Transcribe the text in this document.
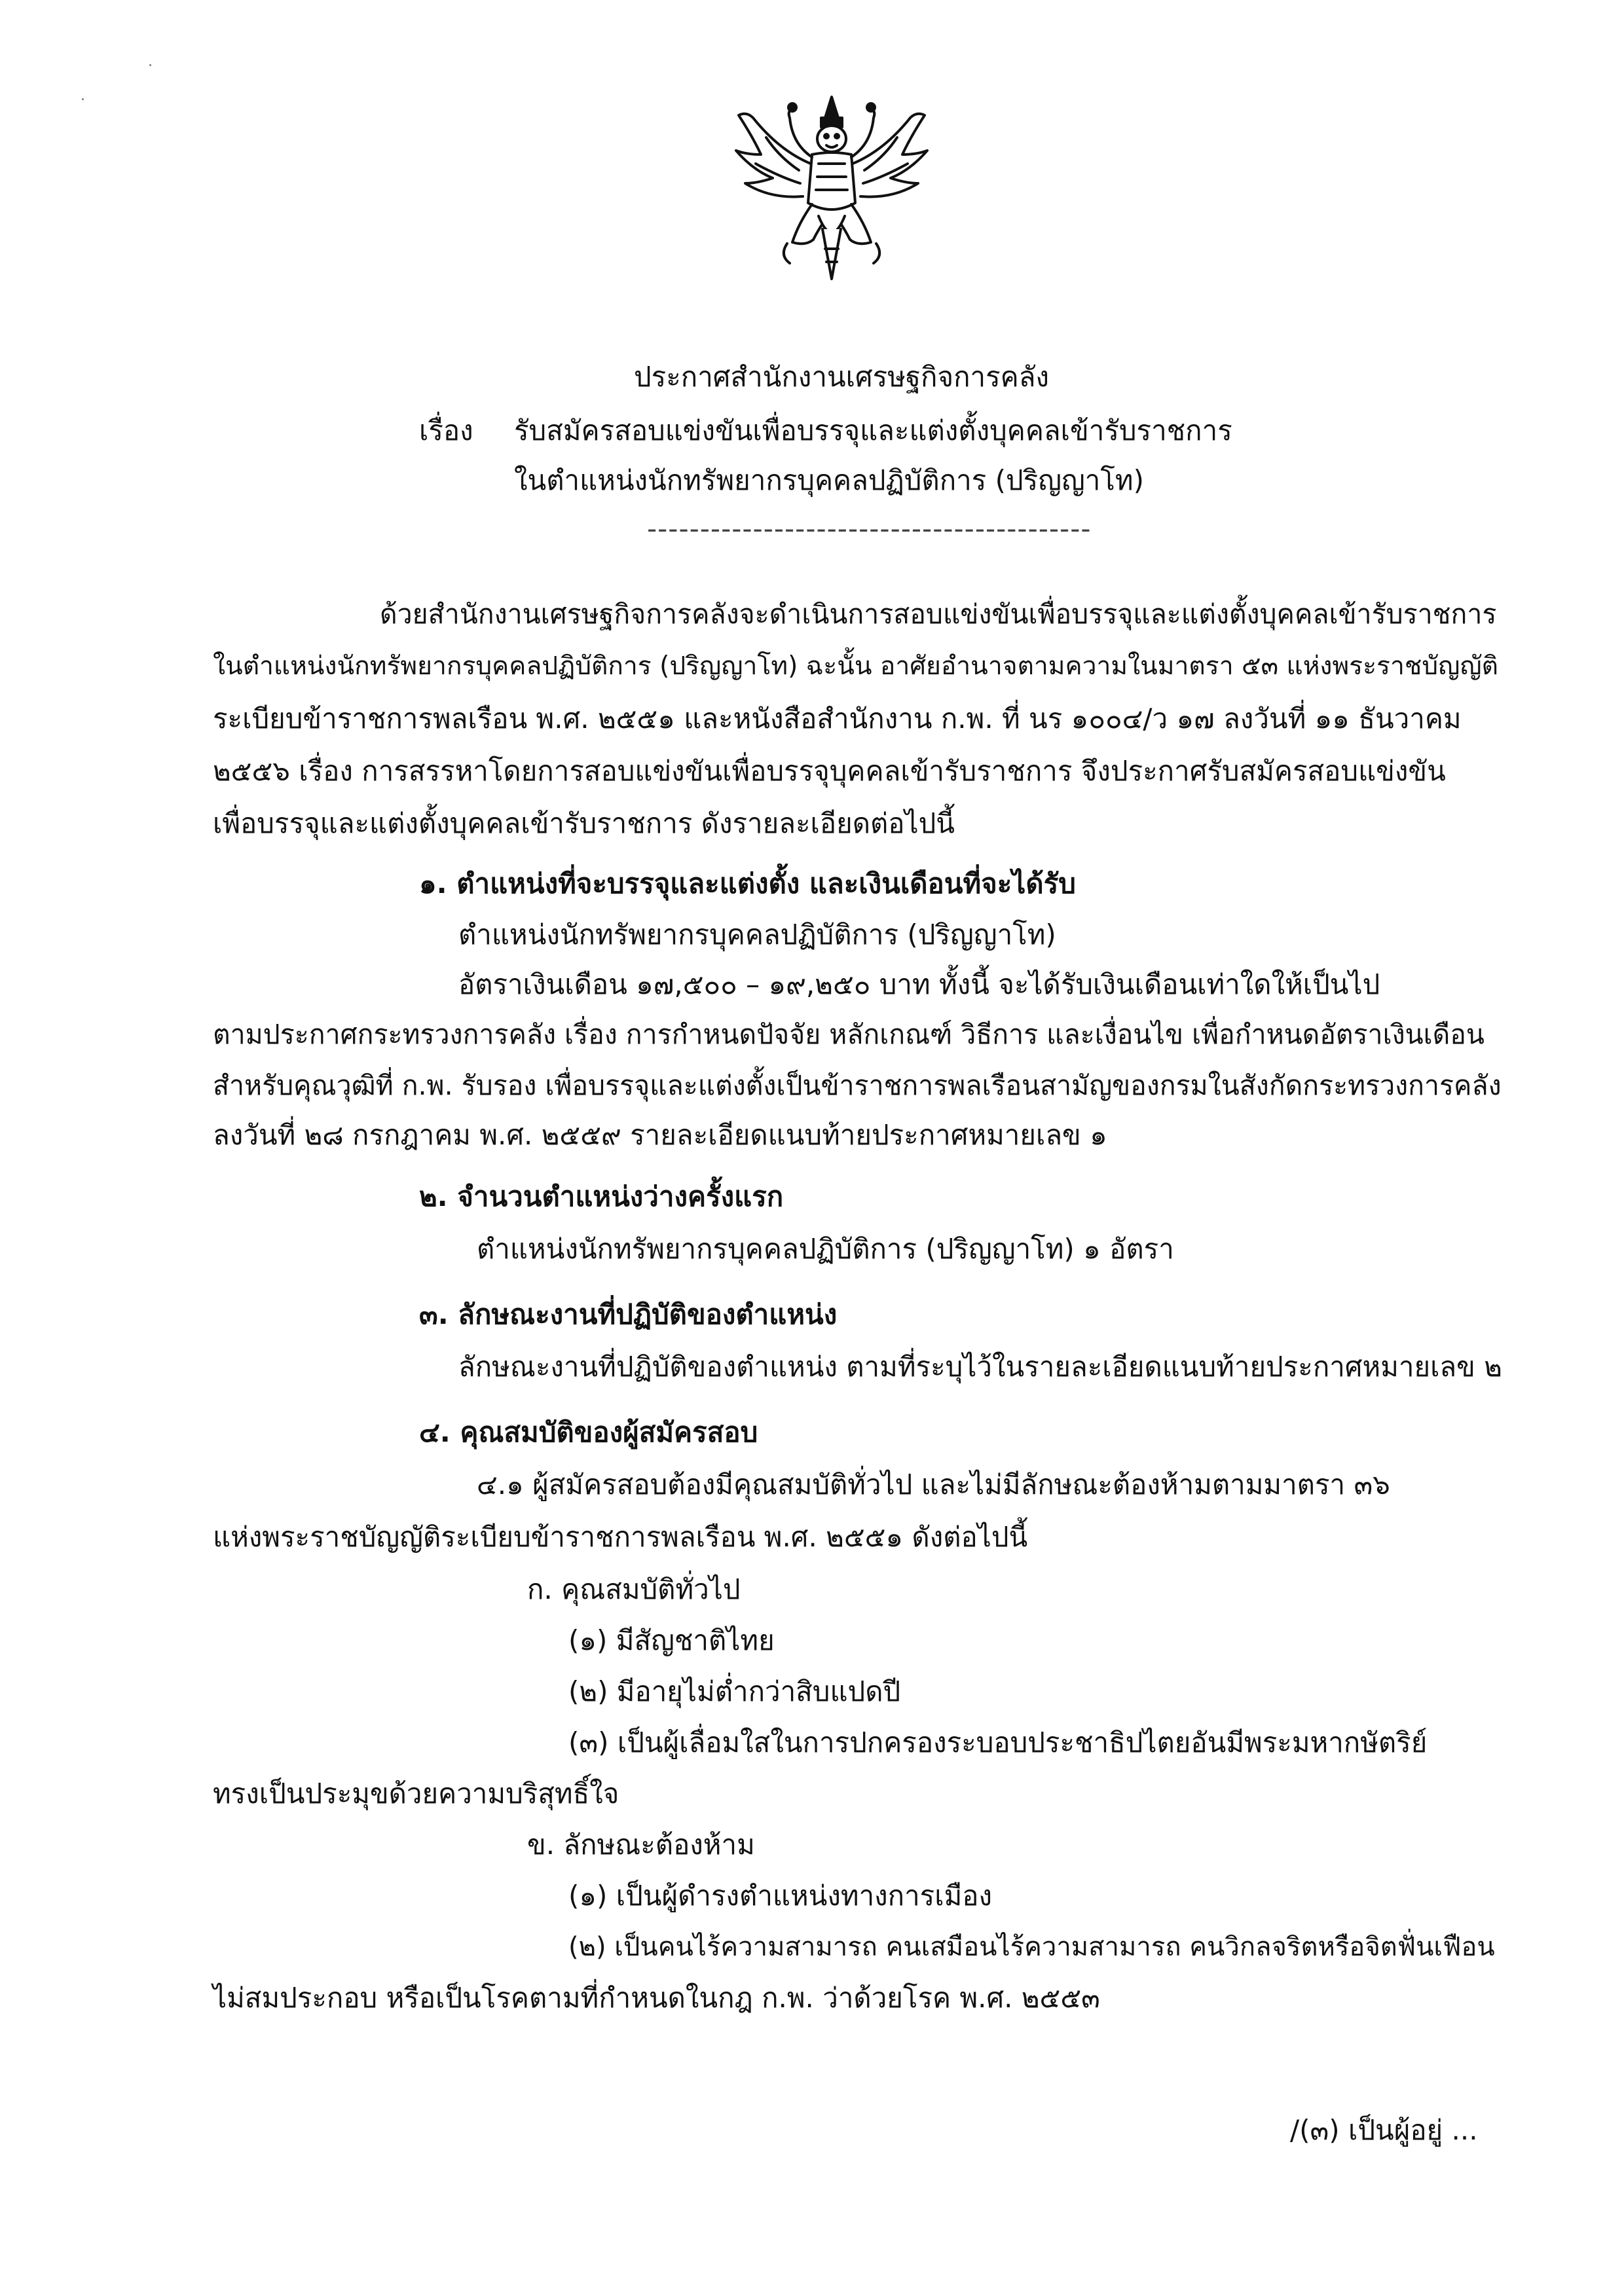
ประกาศสำนักงานเศรษฐกิจการคลัง
เรื่อง รับสมัครสอบแข่งขันเพื่อบรรจุและแต่งตั้งบุคคลเข้ารับราชการ
ในตำแหน่งนักทรัพยากรบุคคลปฏิบัติการ (ปริญญาโท)
------------------------------------------
ด้วยสำนักงานเศรษฐกิจการคลังจะดำเนินการสอบแข่งขันเพื่อบรรจุและแต่งตั้งบุคคลเข้ารับราชการ
ในตำแหน่งนักทรัพยากรบุคคลปฏิบัติการ (ปริญญาโท) ฉะนั้น อาศัยอำนาจตามความในมาตรา ๕๓ แห่งพระราชบัญญัติ
ระเบียบข้าราชการพลเรือน พ.ศ. ๒๕๕๑ และหนังสือสำนักงาน ก.พ. ที่ นร ๑๐๐๔/ว ๑๗ ลงวันที่ ๑๑ ธันวาคม
๒๕๕๖ เรื่อง การสรรหาโดยการสอบแข่งขันเพื่อบรรจุบุคคลเข้ารับราชการ จึงประกาศรับสมัครสอบแข่งขัน
เพื่อบรรจุและแต่งตั้งบุคคลเข้ารับราชการ ดังรายละเอียดต่อไปนี้
๑. ตำแหน่งที่จะบรรจุและแต่งตั้ง และเงินเดือนที่จะได้รับ
ตำแหน่งนักทรัพยากรบุคคลปฏิบัติการ (ปริญญาโท)
อัตราเงินเดือน ๑๗,๕๐๐ – ๑๙,๒๕๐ บาท ทั้งนี้ จะได้รับเงินเดือนเท่าใดให้เป็นไป
ตามประกาศกระทรวงการคลัง เรื่อง การกำหนดปัจจัย หลักเกณฑ์ วิธีการ และเงื่อนไข เพื่อกำหนดอัตราเงินเดือน
สำหรับคุณวุฒิที่ ก.พ. รับรอง เพื่อบรรจุและแต่งตั้งเป็นข้าราชการพลเรือนสามัญของกรมในสังกัดกระทรวงการคลัง
ลงวันที่ ๒๘ กรกฎาคม พ.ศ. ๒๕๕๙ รายละเอียดแนบท้ายประกาศหมายเลข ๑
๒. จำนวนตำแหน่งว่างครั้งแรก
ตำแหน่งนักทรัพยากรบุคคลปฏิบัติการ (ปริญญาโท) ๑ อัตรา
๓. ลักษณะงานที่ปฏิบัติของตำแหน่ง
ลักษณะงานที่ปฏิบัติของตำแหน่ง ตามที่ระบุไว้ในรายละเอียดแนบท้ายประกาศหมายเลข ๒
๔. คุณสมบัติของผู้สมัครสอบ
๔.๑ ผู้สมัครสอบต้องมีคุณสมบัติทั่วไป และไม่มีลักษณะต้องห้ามตามมาตรา ๓๖
แห่งพระราชบัญญัติระเบียบข้าราชการพลเรือน พ.ศ. ๒๕๕๑ ดังต่อไปนี้
ก. คุณสมบัติทั่วไป
(๑) มีสัญชาติไทย
(๒) มีอายุไม่ต่ำกว่าสิบแปดปี
(๓) เป็นผู้เลื่อมใสในการปกครองระบอบประชาธิปไตยอันมีพระมหากษัตริย์
ทรงเป็นประมุขด้วยความบริสุทธิ์ใจ
ข. ลักษณะต้องห้าม
(๑) เป็นผู้ดำรงตำแหน่งทางการเมือง
(๒) เป็นคนไร้ความสามารถ คนเสมือนไร้ความสามารถ คนวิกลจริตหรือจิตฟั่นเฟือน
ไม่สมประกอบ หรือเป็นโรคตามที่กำหนดในกฎ ก.พ. ว่าด้วยโรค พ.ศ. ๒๕๕๓
/(๓) เป็นผู้อยู่ ...
